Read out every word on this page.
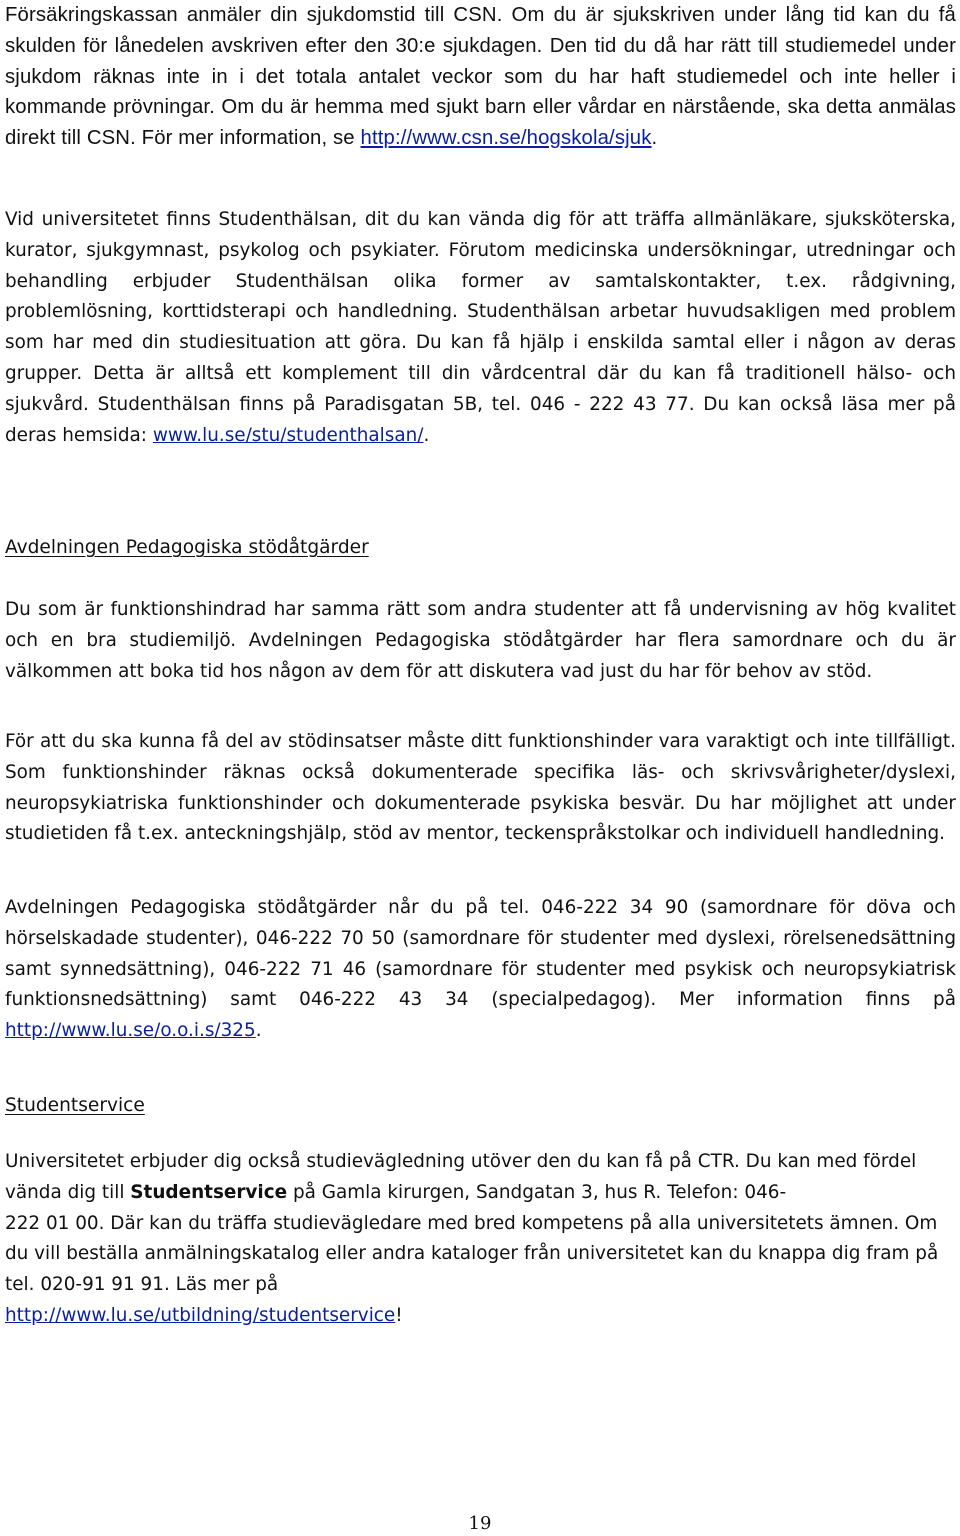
Försäkringskassan anmäler din sjukdomstid till CSN. Om du är sjukskriven under lång tid kan du få skulden för lånedelen avskriven efter den 30:e sjukdagen. Den tid du då har rätt till studiemedel under sjukdom räknas inte in i det totala antalet veckor som du har haft studiemedel och inte heller i kommande prövningar. Om du är hemma med sjukt barn eller vårdar en närstående, ska detta anmälas direkt till CSN. För mer information, se http://www.csn.se/hogskola/sjuk.

Vid universitetet finns Studenthälsan, dit du kan vända dig för att träffa allmänläkare, sjuksköterska, kurator, sjukgymnast, psykolog och psykiater. Förutom medicinska undersökningar, utredningar och behandling erbjuder Studenthälsan olika former av samtalskontakter, t.ex. rådgivning, problemlösning, korttidsterapi och handledning. Studenthälsan arbetar huvudsakligen med problem som har med din studiesituation att göra. Du kan få hjälp i enskilda samtal eller i någon av deras grupper. Detta är alltså ett komplement till din vårdcentral där du kan få traditionell hälso- och sjukvård. Studenthälsan finns på Paradisgatan 5B, tel. 046 - 222 43 77. Du kan också läsa mer på deras hemsida: www.lu.se/stu/studenthalsan/.

Avdelningen Pedagogiska stödåtgärder

Du som är funktionshindrad har samma rätt som andra studenter att få undervisning av hög kvalitet och en bra studiemiljö. Avdelningen Pedagogiska stödåtgärder har flera samordnare och du är välkommen att boka tid hos någon av dem för att diskutera vad just du har för behov av stöd.

För att du ska kunna få del av stödinsatser måste ditt funktionshinder vara varaktigt och inte tillfälligt. Som funktionshinder räknas också dokumenterade specifika läs- och skrivsvårigheter/dyslexi, neuropsykiatriska funktionshinder och dokumenterade psykiska besvär. Du har möjlighet att under studietiden få t.ex. anteckningshjälp, stöd av mentor, teckenspråkstolkar och individuell handledning.

Avdelningen Pedagogiska stödåtgärder når du på tel. 046-222 34 90 (samordnare för döva och hörselskadade studenter), 046-222 70 50 (samordnare för studenter med dyslexi, rörelsenedsättning samt synnedsättning), 046-222 71 46 (samordnare för studenter med psykisk och neuropsykiatrisk funktionsnedsättning) samt 046-222 43 34 (specialpedagog). Mer information finns på http://www.lu.se/o.o.i.s/325.

Studentservice

Universitetet erbjuder dig också studievägledning utöver den du kan få på CTR. Du kan med fördel vända dig till Studentservice på Gamla kirurgen, Sandgatan 3, hus R. Telefon: 046-
222 01 00. Där kan du träffa studievägledare med bred kompetens på alla universitetets ämnen. Om du vill beställa anmälningskatalog eller andra kataloger från universitetet kan du knappa dig fram på tel. 020-91 91 91. Läs mer på
http://www.lu.se/utbildning/studentservice!

19
